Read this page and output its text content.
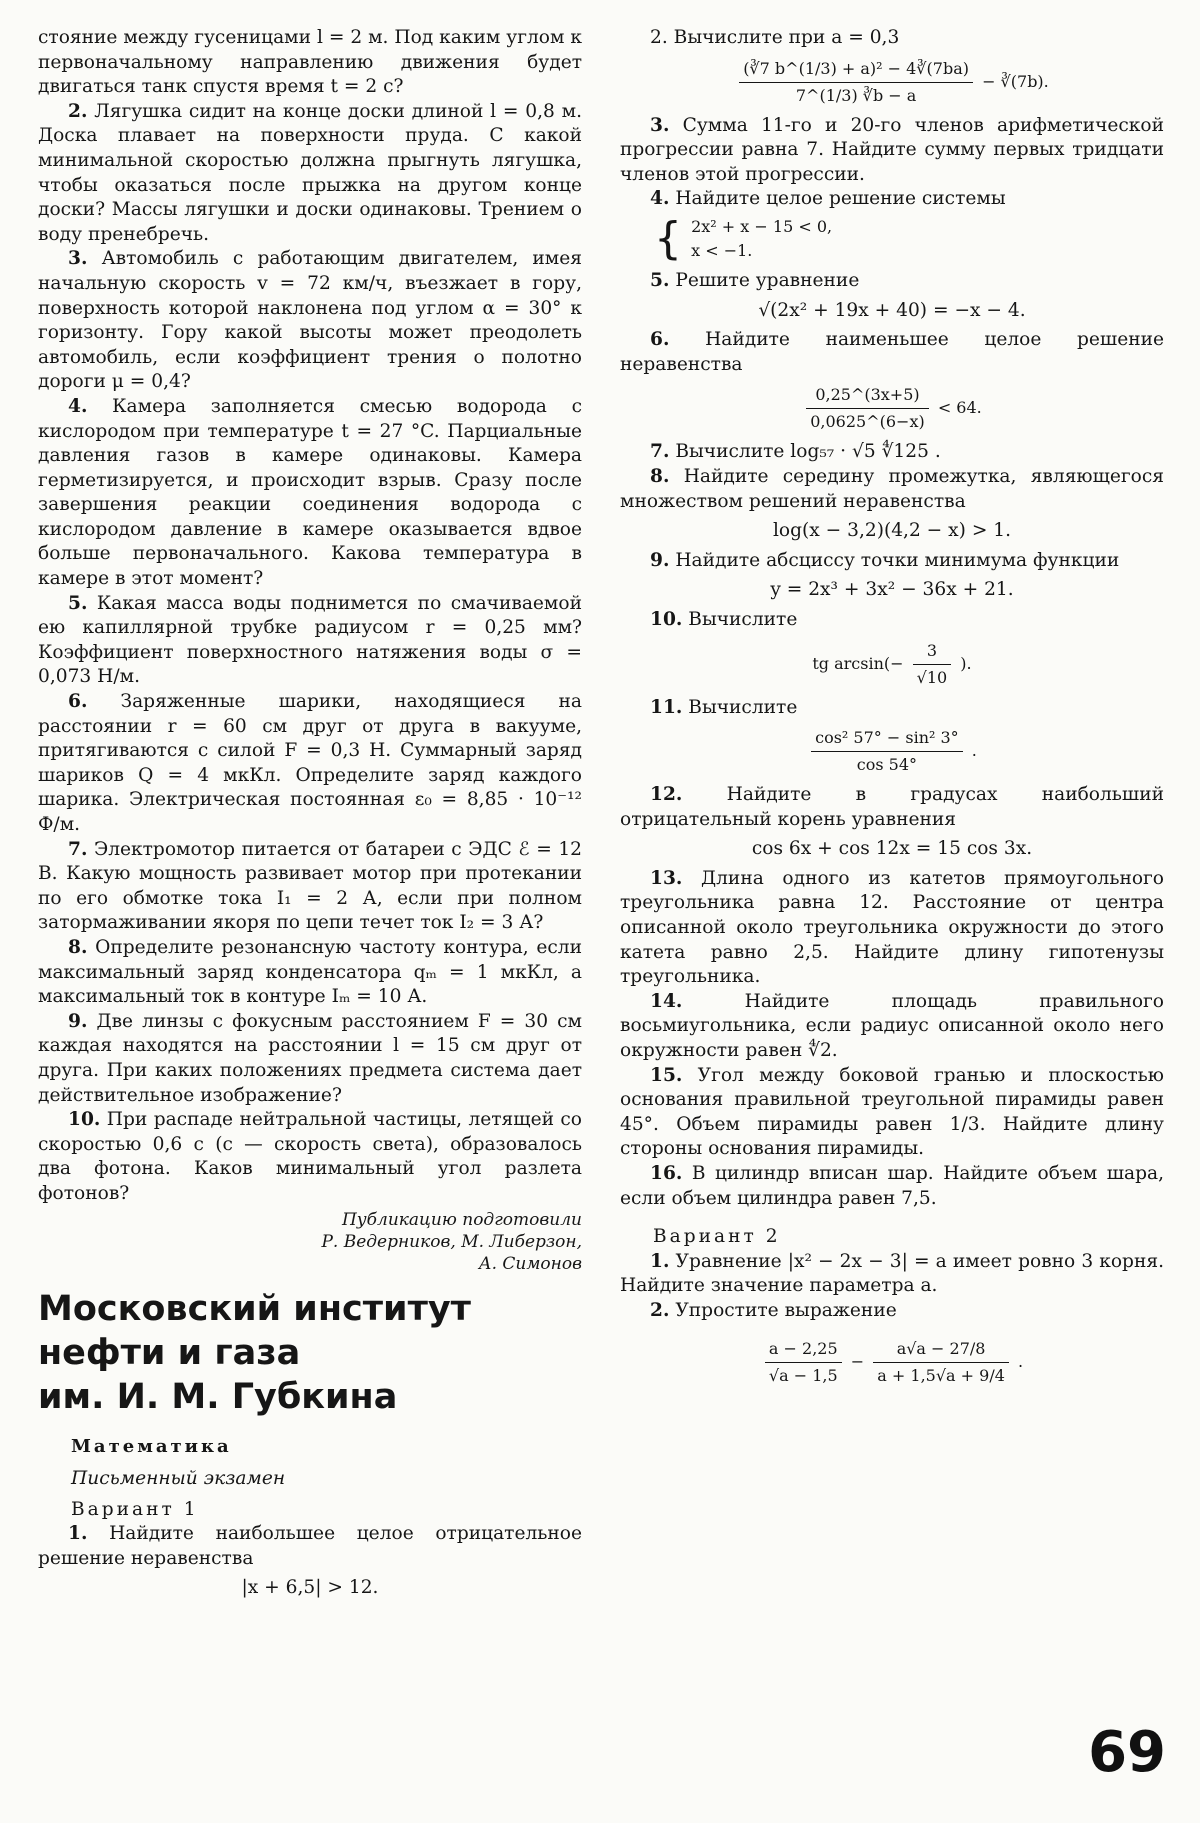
стояние между гусеницами l = 2 м. Под каким углом к первоначальному направлению движения будет двигаться танк спустя время t = 2 с?

2. Лягушка сидит на конце доски длиной l = 0,8 м. Доска плавает на поверхности пруда. С какой минимальной скоростью должна прыгнуть лягушка, чтобы оказаться после прыжка на другом конце доски? Массы лягушки и доски одинаковы. Трением о воду пренебречь.

3. Автомобиль с работающим двигателем, имея начальную скорость v = 72 км/ч, въезжает в гору, поверхность которой наклонена под углом α = 30° к горизонту. Гору какой высоты может преодолеть автомобиль, если коэффициент трения о полотно дороги μ = 0,4?

4. Камера заполняется смесью водорода с кислородом при температуре t = 27 °C. Парциальные давления газов в камере одинаковы. Камера герметизируется, и происходит взрыв. Сразу после завершения реакции соединения водорода с кислородом давление в камере оказывается вдвое больше первоначального. Какова температура в камере в этот момент?

5. Какая масса воды поднимется по смачиваемой ею капиллярной трубке радиусом r = 0,25 мм? Коэффициент поверхностного натяжения воды σ = 0,073 Н/м.

6. Заряженные шарики, находящиеся на расстоянии r = 60 см друг от друга в вакууме, притягиваются с силой F = 0,3 Н. Суммарный заряд шариков Q = 4 мкКл. Определите заряд каждого шарика. Электрическая постоянная ε₀ = 8,85 · 10⁻¹² Ф/м.

7. Электромотор питается от батареи с ЭДС ℰ = 12 В. Какую мощность развивает мотор при протекании по его обмотке тока I₁ = 2 А, если при полном затормаживании якоря по цепи течет ток I₂ = 3 А?

8. Определите резонансную частоту контура, если максимальный заряд конденсатора qₘ = 1 мкКл, а максимальный ток в контуре Iₘ = 10 А.

9. Две линзы с фокусным расстоянием F = 30 см каждая находятся на расстоянии l = 15 см друг от друга. При каких положениях предмета система дает действительное изображение?

10. При распаде нейтральной частицы, летящей со скоростью 0,6 c (c — скорость света), образовалось два фотона. Каков минимальный угол разлета фотонов?

Публикацию подготовили
Р. Ведерников, М. Либерзон,
А. Симонов
Московский институт
нефти и газа
им. И. М. Губкина

Математика

Письменный экзамен

Вариант 1

1. Найдите наибольшее целое отрицательное решение неравенства

|x + 6,5| > 12.

2. Вычислите при a = 0,3

$\frac{\text{(∛7 b\textasciicircum{}(1/3) + a)² − 4∛(7ba)}}{7\^{}(1/3) ∛b - a}$ − ∛(7b).

3. Сумма 11-го и 20-го членов арифметической прогрессии равна 7. Найдите сумму первых тридцати членов этой прогрессии.

4. Найдите целое решение системы

{ 2x² + x − 15 < 0,
x < −1.

5. Решите уравнение

√(2x² + 19x + 40) = −x − 4.

6. Найдите наименьшее целое решение неравенства

$\frac{0,25\^{}(3x+5)}{0,0625\^{}(6-x)} < 64$.

7. Вычислите log₅₇ · √5 ∜125 .

8. Найдите середину промежутка, являющегося множеством решений неравенства

log(x − 3,2)(4,2 − x) > 1.

9. Найдите абсциссу точки минимума функции

y = 2x³ + 3x² − 36x + 21.

10. Вычислите

tg $\arcsin(- \frac{3}{√10}$ ).

11. Вычислите

$\frac{\text{cos² 57° − sin² 3°}}{\cos 54^\circ}$ .

12. Найдите в градусах наибольший отрицательный корень уравнения

cos 6x + cos 12x = 15 cos 3x.

13. Длина одного из катетов прямоугольного треугольника равна 12. Расстояние от центра описанной около треугольника окружности до этого катета равно 2,5. Найдите длину гипотенузы треугольника.

14.	Найдите площадь правильного восьмиугольника, если радиус описанной около него окружности равен ∜2.

15. Угол между боковой гранью и плоскостью основания правильной треугольной пирамиды равен 45°. Объем пирамиды равен 1/3. Найдите длину стороны основания пирамиды.

16. В цилиндр вписан шар. Найдите объем шара, если объем цилиндра равен 7,5.

Вариант 2

1. Уравнение |x² − 2x − 3| = a имеет ровно 3 корня. Найдите значение параметра a.

2. Упростите выражение

$\frac{a - 2,25}{√a - 1,5} - \frac{a√a - 27/8}{a + 1,5√a + 9/4}$ .
69
